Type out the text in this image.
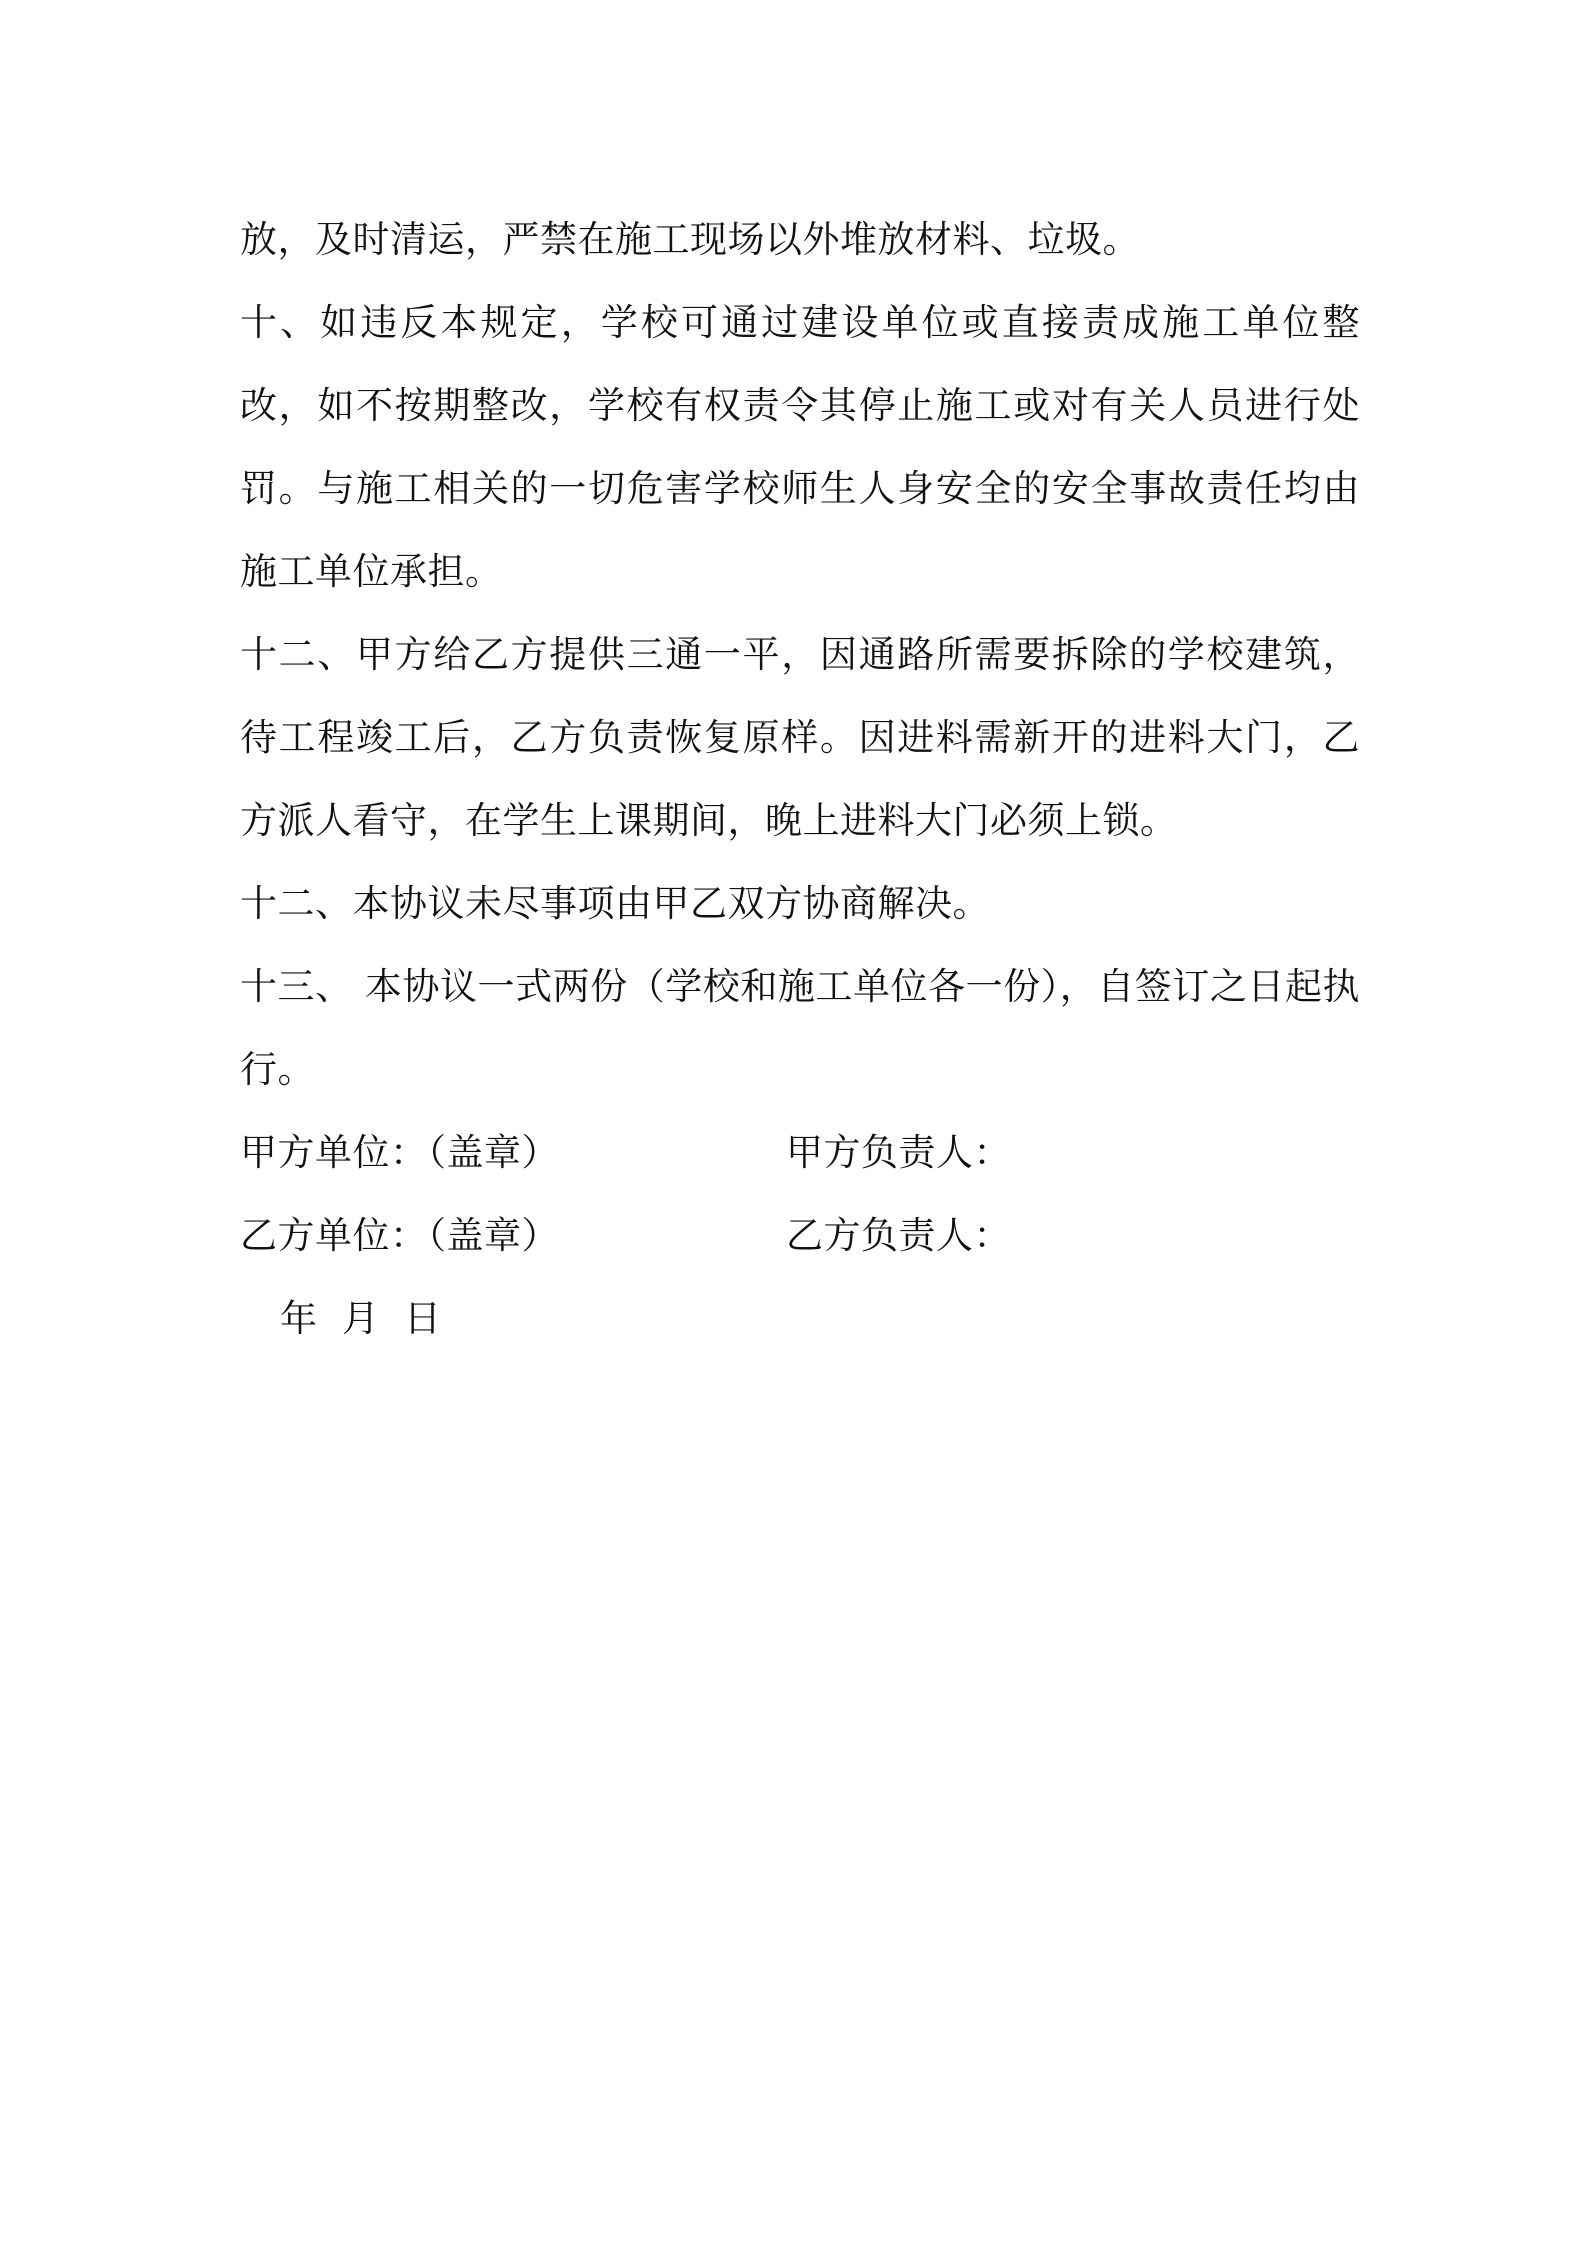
放，及时清运，严禁在施工现场以外堆放材料、垃圾。

十、如违反本规定，学校可通过建设单位或直接责成施工单位整改，如不按期整改，学校有权责令其停止施工或对有关人员进行处罚。与施工相关的一切危害学校师生人身安全的安全事故责任均由施工单位承担。

十二、甲方给乙方提供三通一平，因通路所需要拆除的学校建筑，待工程竣工后，乙方负责恢复原样。因进料需新开的进料大门，乙方派人看守，在学生上课期间，晚上进料大门必须上锁。

十二、本协议未尽事项由甲乙双方协商解决。

十三、 本协议一式两份（学校和施工单位各一份），自签订之日起执行。

甲方单位：（盖章）	甲方负责人：
乙方单位：（盖章）	乙方负责人：

年  月  日
